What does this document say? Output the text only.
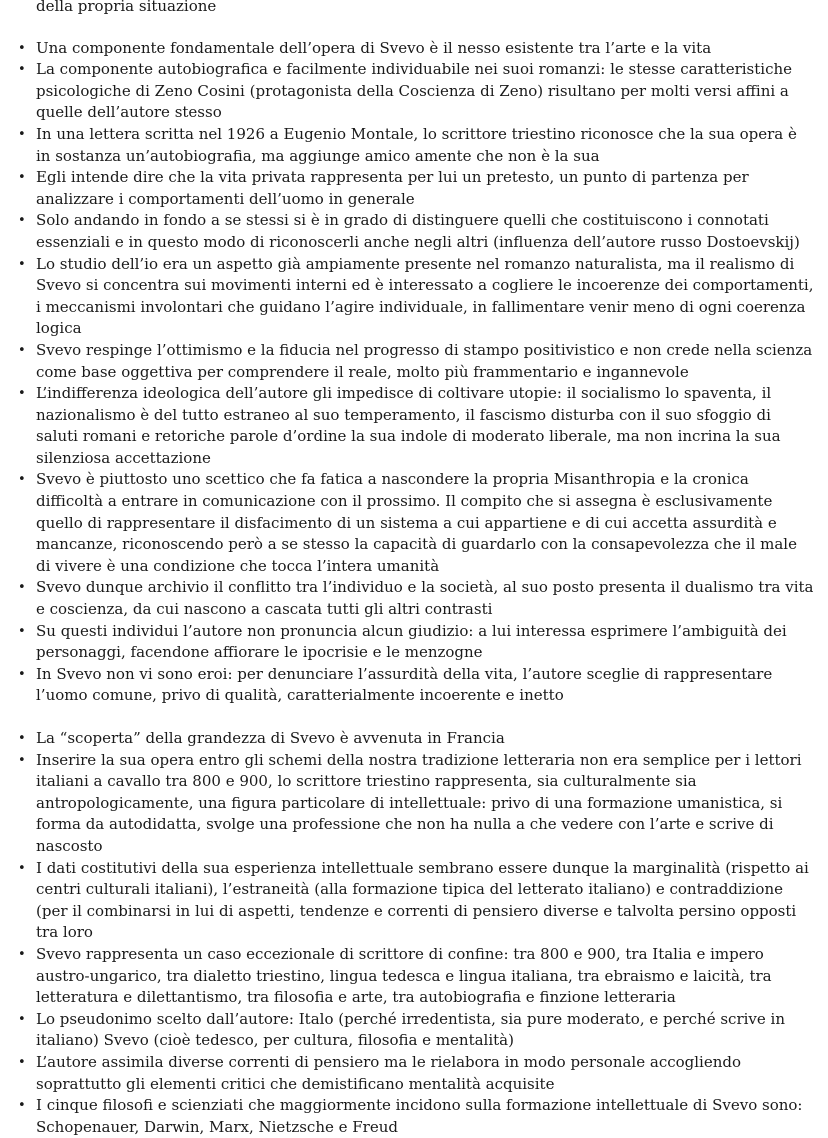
della propria situazione

• Una componente fondamentale dell’opera di Svevo è il nesso esistente tra l’arte e la vita
• La componente autobiografica e facilmente individuabile nei suoi romanzi: le stesse caratteristiche psicologiche di Zeno Cosini (protagonista della Coscienza di Zeno) risultano per molti versi affini a quelle dell’autore stesso
• In una lettera scritta nel 1926 a Eugenio Montale, lo scrittore triestino riconosce che la sua opera è in sostanza un’autobiografia, ma aggiunge amico amente che non è la sua
• Egli intende dire che la vita privata rappresenta per lui un pretesto, un punto di partenza per analizzare i comportamenti dell’uomo in generale
• Solo andando in fondo a se stessi si è in grado di distinguere quelli che costituiscono i connotati essenziali e in questo modo di riconoscerli anche negli altri (influenza dell’autore russo Dostoevskij)
• Lo studio dell’io era un aspetto già ampiamente presente nel romanzo naturalista, ma il realismo di Svevo si concentra sui movimenti interni ed è interessato a cogliere le incoerenze dei comportamenti, i meccanismi involontari che guidano l’agire individuale, in fallimentare venir meno di ogni coerenza logica
• Svevo respinge l’ottimismo e la fiducia nel progresso di stampo positivistico e non crede nella scienza come base oggettiva per comprendere il reale, molto più frammentario e ingannevole
• L’indifferenza ideologica dell’autore gli impedisce di coltivare utopie: il socialismo lo spaventa, il nazionalismo è del tutto estraneo al suo temperamento, il fascismo disturba con il suo sfoggio di saluti romani e retoriche parole d’ordine la sua indole di moderato liberale, ma non incrina la sua silenziosa accettazione
• Svevo è piuttosto uno scettico che fa fatica a nascondere la propria Misanthropia e la cronica difficoltà a entrare in comunicazione con il prossimo. Il compito che si assegna è esclusivamente quello di rappresentare il disfacimento di un sistema a cui appartiene e di cui accetta assurdità e mancanze, riconoscendo però a se stesso la capacità di guardarlo con la consapevolezza che il male di vivere è una condizione che tocca l’intera umanità
• Svevo dunque archivio il conflitto tra l’individuo e la società, al suo posto presenta il dualismo tra vita e coscienza, da cui nascono a cascata tutti gli altri contrasti
• Su questi individui l’autore non pronuncia alcun giudizio: a lui interessa esprimere l’ambiguità dei personaggi, facendone affiorare le ipocrisie e le menzogne
• In Svevo non vi sono eroi: per denunciare l’assurdità della vita, l’autore sceglie di rappresentare l’uomo comune, privo di qualità, caratterialmente incoerente e inetto
• La “scoperta” della grandezza di Svevo è avvenuta in Francia
• Inserire la sua opera entro gli schemi della nostra tradizione letteraria non era semplice per i lettori italiani a cavallo tra 800 e 900, lo scrittore triestino rappresenta, sia culturalmente sia antropologicamente, una figura particolare di intellettuale: privo di una formazione umanistica, si forma da autodidatta, svolge una professione che non ha nulla a che vedere con l’arte e scrive di nascosto
• I dati costitutivi della sua esperienza intellettuale sembrano essere dunque la marginalità (rispetto ai centri culturali italiani), l’estraneità (alla formazione tipica del letterato italiano) e contraddizione (per il combinarsi in lui di aspetti, tendenze e correnti di pensiero diverse e talvolta persino opposti tra loro
• Svevo rappresenta un caso eccezionale di scrittore di confine: tra 800 e 900, tra Italia e impero austro-ungarico, tra dialetto triestino, lingua tedesca e lingua italiana, tra ebraismo e laicità, tra letteratura e dilettantismo, tra filosofia e arte, tra autobiografia e finzione letteraria
• Lo pseudonimo scelto dall’autore: Italo (perché irredentista, sia pure moderato, e perché scrive in italiano) Svevo (cioè tedesco, per cultura, filosofia e mentalità)
• L’autore assimila diverse correnti di pensiero ma le rielabora in modo personale accogliendo soprattutto gli elementi critici che demistificano mentalità acquisite
• I cinque filosofi e scienziati che maggiormente incidono sulla formazione intellettuale di Svevo sono: Schopenauer, Darwin, Marx, Nietzsche e Freud
